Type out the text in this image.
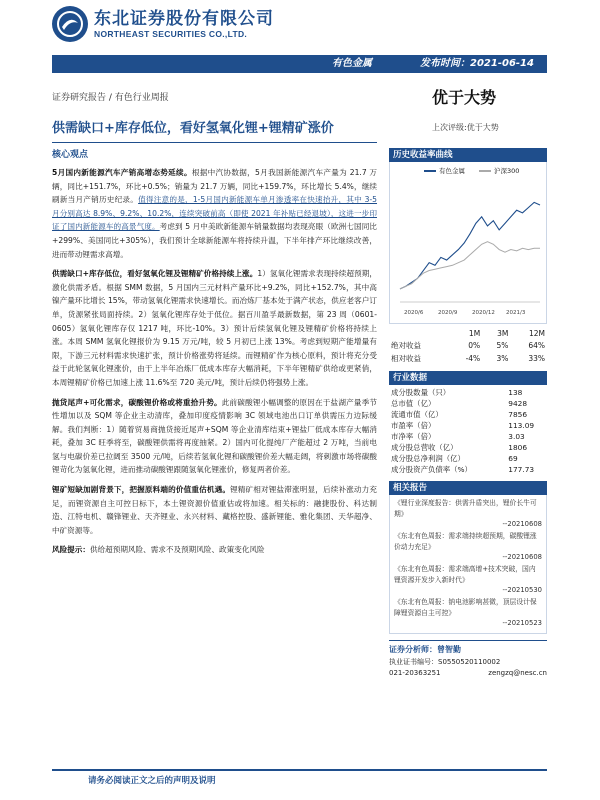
东北证券股份有限公司
NORTHEAST SECURITIES CO.,LTD.
有色金属	发布时间：2021-06-14
证券研究报告 / 有色行业周报	优于大势
供需缺口+库存低位，看好氢氧化锂+锂精矿涨价	上次评级:优于大势
核心观点

5月国内新能源汽车产销高增态势延续。根据中汽协数据，5月我国新能源汽车产量为 21.7 万辆，同比+151.7%，环比+0.5%；销量为 21.7 万辆，同比+159.7%，环比增长 5.4%，继续刷新当月产销历史纪录。值得注意的是，1-5月国内新能源车单月渗透率在快速抬升，其中 3-5 月分别高达 8.9%、9.2%、10.2%，连续突破前高（即使 2021 年补贴已经退坡），这进一步印证了国内新能源车的高景气度。考虑到 5 月中美欧新能源车销量数据均表现亮眼（欧洲七国同比+299%、美国同比+305%），我们预计全球新能源车将持续升温，下半年排产环比继续改善，进而带动锂需求高增。

供需缺口+库存低位，看好氢氧化锂及锂精矿价格持续上涨。1）氢氧化锂需求表现持续超预期，激化供需矛盾。根据 SMM 数据，5 月国内三元材料产量环比+9.2%，同比+152.7%，其中高镍产量环比增长 15%，带动氢氧化锂需求快速增长。而冶炼厂基本处于满产状态，供应老客户订单，货源紧张局面持续。2）氢氧化锂库存处于低位。据百川盈孚最新数据，第 23 周（0601-0605）氢氧化锂库存仅 1217 吨，环比-10%。3）预计后续氢氧化锂及锂精矿价格将持续上涨。本周 SMM 氢氧化锂报价为 9.15 万元/吨，较 5 月初已上涨 13%。考虑到短期产能增量有限，下游三元材料需求快速扩张，预计价格涨势将延续。而锂精矿作为核心原料，预计将充分受益于此轮氢氧化锂涨价，由于上半年冶炼厂低成本库存大幅消耗，下半年锂精矿供给或更紧俏，本周锂精矿价格已加速上涨 11.6%至 720 美元/吨，预计后续仍将强势上涨。

抛货尾声+可化需求，碳酸锂价格或将重拾升势。此前碳酸锂小幅调整的原因在于盐湖产量季节性增加以及 SQM 等企业主动清库，叠加印度疫情影响 3C 领域电池出口订单供需压力边际缓解。我们判断：1）随着贸易商抛货接近尾声+SQM 等企业清库结束+锂盐厂低成本库存大幅消耗，叠加 3C 旺季将至，碳酸锂供需将再度抽紧。2）国内可化提纯厂产能超过 2 万吨，当前电氢与电碳价差已拉阔至 3500 元/吨，后续若氢氧化锂和碳酸锂价差大幅走阔，将刺激市场将碳酸锂苛化为氢氧化锂，进而推动碳酸锂跟随氢氧化锂涨价，修复两者价差。

锂矿短缺加剧背景下，把握原料端的价值重估机遇。锂精矿相对锂盐滞涨明显，后续补涨动力充足，而锂资源自主可控日标下，本土锂资源价值重估或将加速。相关标的：融捷股份、科达制造、江特电机、赣锋锂业、天齐锂业、永兴材料、藏格控股、盛新锂能、雅化集团、天华超净、中矿资源等。

风险提示：供给超预期风险、需求不及预期风险、政策变化风险

历史收益率曲线
有色金属	沪深300
2020/6	2020/9	2020/12 2021/3
	1M	3M	12M
绝对收益	0%	5%	64%
相对收益	-4%	3%	33%
行业数据
成分股数量（只）	138
总市值（亿）	9428
流通市值（亿）	7856
市盈率（倍）	113.09
市净率（倍）	3.03
成分股总营收（亿）	1806
成分股总净利润（亿）	69
成分股资产负债率（%）	177.73
相关报告
《锂行业深度报告：供需升盾突出，锂价长牛可期》
--20210608
《东北有色周报：需求端持续超预期，碳酸锂涨价动力充足》
--20210608
《东北有色周报：需求端高增+技术突破，国内锂资源开发步入新时代》
--20210530
《东北有色周报：钠电池影响甚微，顶层设计保障锂资源自主可控》
--20210523
证券分析师：曾智勤
执业证书编号：S0550520110002
021-20363251	zengzq@nesc.cn
请务必阅读正文之后的声明及说明
